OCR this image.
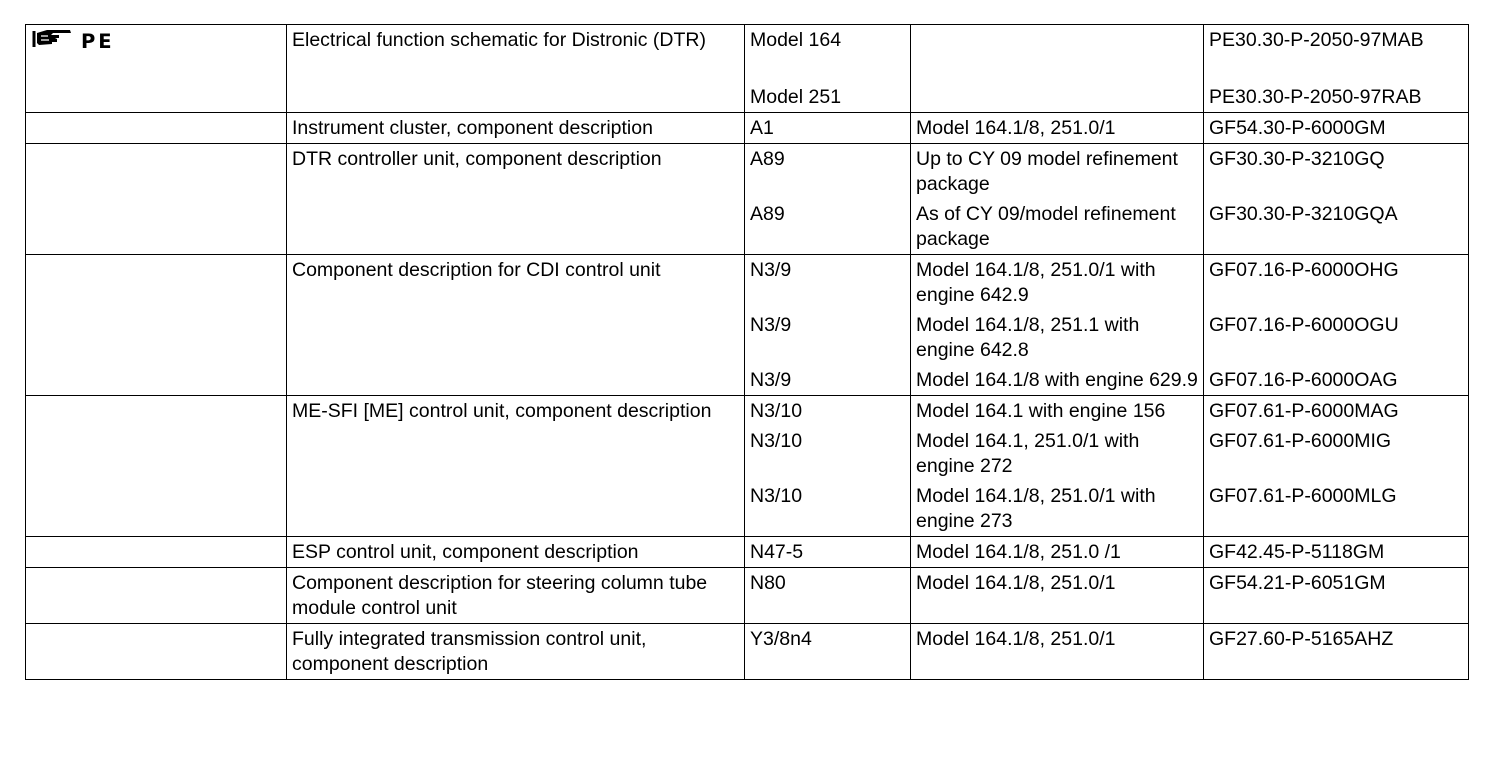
PE	Electrical function schematic for Distronic (DTR)	Model 164		PE30.30-P-2050-97MAB
		Model 251		PE30.30-P-2050-97RAB
	Instrument cluster, component description	A1	Model 164.1/8, 251.0/1	GF54.30-P-6000GM
	DTR controller unit, component description	A89	Up to CY 09 model refinement package	GF30.30-P-3210GQ
		A89	As of CY 09/model refinement package	GF30.30-P-3210GQA
	Component description for CDI control unit	N3/9	Model 164.1/8, 251.0/1 with engine 642.9	GF07.16-P-6000OHG
		N3/9	Model 164.1/8, 251.1 with engine 642.8	GF07.16-P-6000OGU
		N3/9	Model 164.1/8 with engine 629.9	GF07.16-P-6000OAG
	ME-SFI [ME] control unit, component description	N3/10	Model 164.1 with engine 156	GF07.61-P-6000MAG
		N3/10	Model 164.1, 251.0/1 with engine 272	GF07.61-P-6000MIG
		N3/10	Model 164.1/8, 251.0/1 with engine 273	GF07.61-P-6000MLG
	ESP control unit, component description	N47-5	Model 164.1/8, 251.0 /1	GF42.45-P-5118GM
	Component description for steering column tube module control unit	N80	Model 164.1/8, 251.0/1	GF54.21-P-6051GM
	Fully integrated transmission control unit, component description	Y3/8n4	Model 164.1/8, 251.0/1	GF27.60-P-5165AHZ
